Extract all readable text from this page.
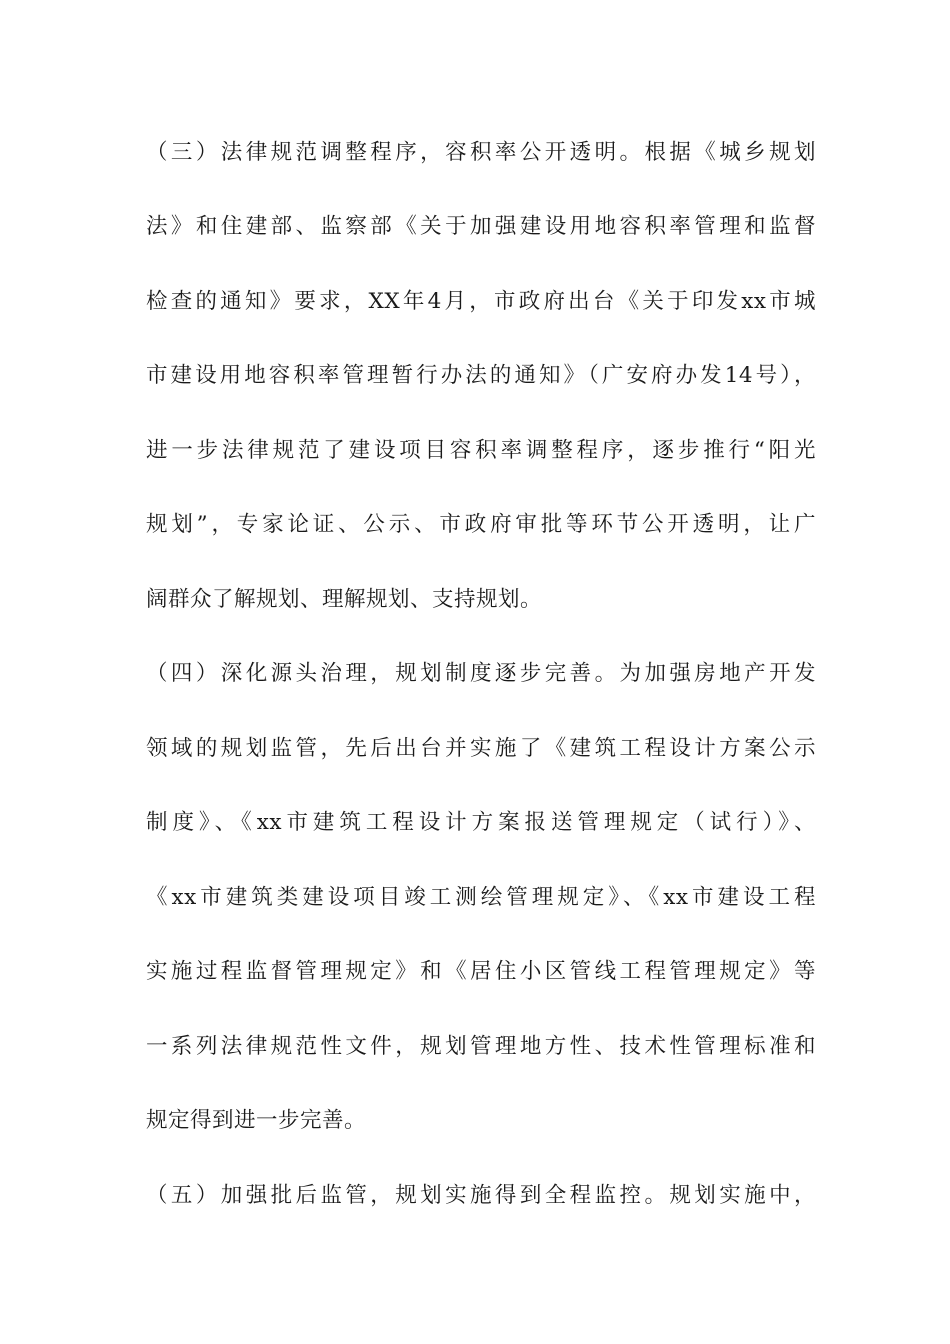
（三）法律规范调整程序，容积率公开透明。根据《城乡规划
法》和住建部、监察部《关于加强建设用地容积率管理和监督
检查的通知》要求，XX年4月，市政府出台《关于印发xx市城
市建设用地容积率管理暂行办法的通知》（广安府办发14号），
进一步法律规范了建设项目容积率调整程序，逐步推行“阳光
规划”，专家论证、公示、市政府审批等环节公开透明，让广
阔群众了解规划、理解规划、支持规划。
（四）深化源头治理，规划制度逐步完善。为加强房地产开发
领域的规划监管，先后出台并实施了《建筑工程设计方案公示
制度》、《xx市建筑工程设计方案报送管理规定（试行）》、
《xx市建筑类建设项目竣工测绘管理规定》、《xx市建设工程
实施过程监督管理规定》和《居住小区管线工程管理规定》等
一系列法律规范性文件，规划管理地方性、技术性管理标准和
规定得到进一步完善。
（五）加强批后监管，规划实施得到全程监控。规划实施中，
